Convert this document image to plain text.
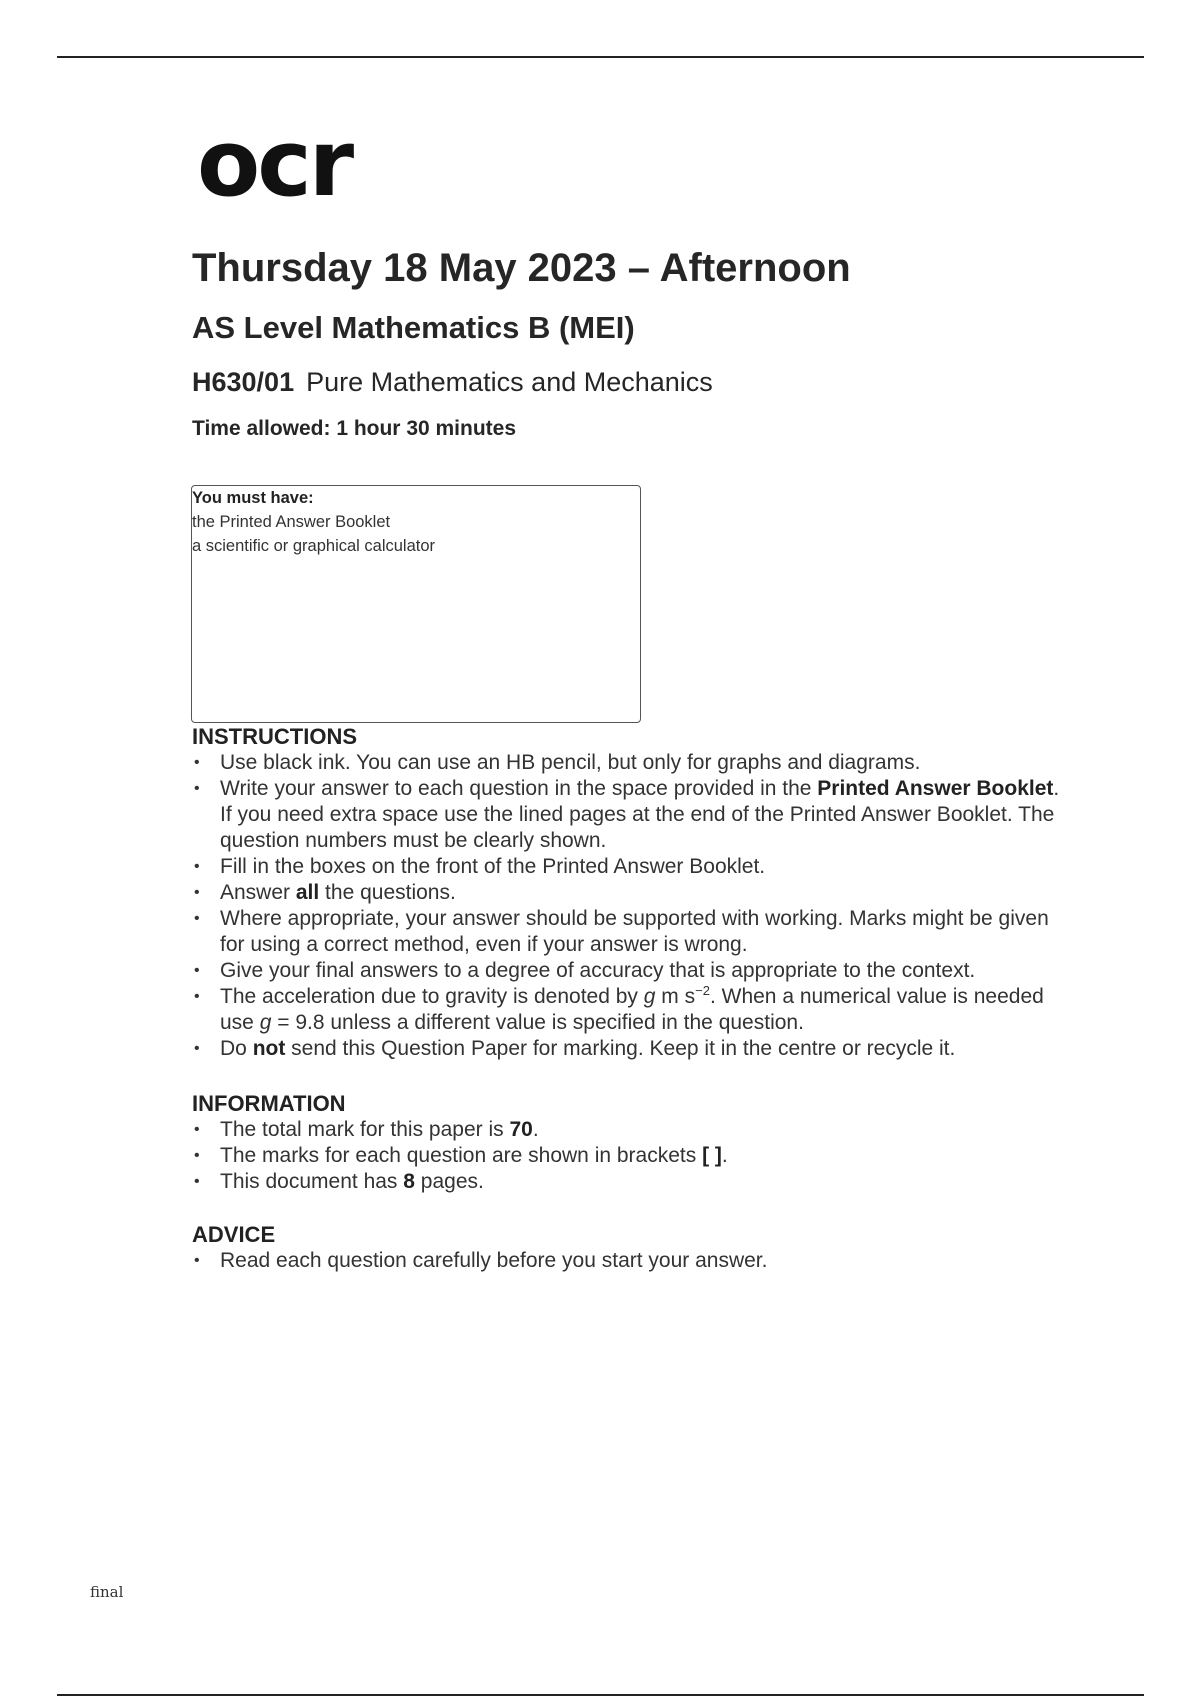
ocr
Thursday 18 May 2023 – Afternoon
AS Level Mathematics B (MEI)
H630/01 Pure Mathematics and Mechanics
Time allowed: 1 hour 30 minutes
You must have:
the Printed Answer Booklet
a scientific or graphical calculator
INSTRUCTIONS
• Use black ink. You can use an HB pencil, but only for graphs and diagrams.
• Write your answer to each question in the space provided in the Printed Answer Booklet. If you need extra space use the lined pages at the end of the Printed Answer Booklet. The question numbers must be clearly shown.
• Fill in the boxes on the front of the Printed Answer Booklet.
• Answer all the questions.
• Where appropriate, your answer should be supported with working. Marks might be given for using a correct method, even if your answer is wrong.
• Give your final answers to a degree of accuracy that is appropriate to the context.
• The acceleration due to gravity is denoted by g m $s^{-2}$. When a numerical value is needed use g = 9.8 unless a different value is specified in the question.
• Do not send this Question Paper for marking. Keep it in the centre or recycle it.
INFORMATION
• The total mark for this paper is 70.
• The marks for each question are shown in brackets [ ].
• This document has 8 pages.
ADVICE
• Read each question carefully before you start your answer.
final
